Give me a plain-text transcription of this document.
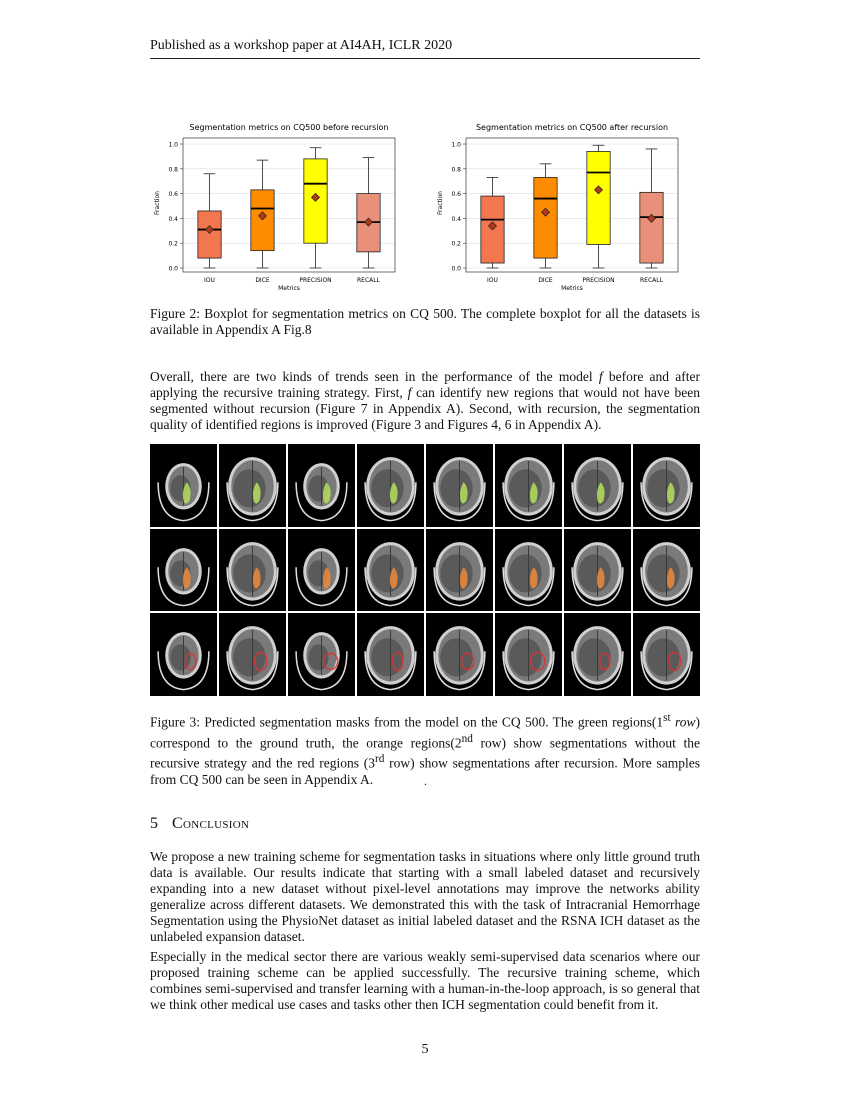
Published as a workshop paper at AI4AH, ICLR 2020
Segmentation metrics on CQ500 before recursion
0.0
0.2
0.4
0.6
0.8
1.0
IOU	DICE	PRECISION	RECALL
Metrics
Fraction
Segmentation metrics on CQ500 after recursion
0.0
0.2
0.4
0.6
0.8
1.0
IOU	DICE	PRECISION	RECALL
Metrics
Fraction
Figure 2: Boxplot for segmentation metrics on CQ 500. The complete boxplot for all the datasets is available in Appendix A Fig.8
Overall, there are two kinds of trends seen in the performance of the model f before and after applying the recursive training strategy. First, f can identify new regions that would not have been segmented without recursion (Figure 7 in Appendix A). Second, with recursion, the segmentation quality of identified regions is improved (Figure 3 and Figures 4, 6 in Appendix A).
Figure 3: Predicted segmentation masks from the model on the CQ 500. The green regions(1st row) correspond to the ground truth, the orange regions(2nd row) show segmentations without the recursive strategy and the red regions (3rd row) show segmentations after recursion. More samples from CQ 500 can be seen in Appendix A.	.
5 Conclusion
We propose a new training scheme for segmentation tasks in situations where only little ground truth data is available. Our results indicate that starting with a small labeled dataset and recursively expanding into a new dataset without pixel-level annotations may improve the networks ability generalize across different datasets. We demonstrated this with the task of Intracranial Hemorrhage Segmentation using the PhysioNet dataset as initial labeled dataset and the RSNA ICH dataset as the unlabeled expansion dataset.
Especially in the medical sector there are various weakly semi-supervised data scenarios where our proposed training scheme can be applied successfully. The recursive training scheme, which combines semi-supervised and transfer learning with a human-in-the-loop approach, is so general that we think other medical use cases and tasks other then ICH segmentation could benefit from it.
5
